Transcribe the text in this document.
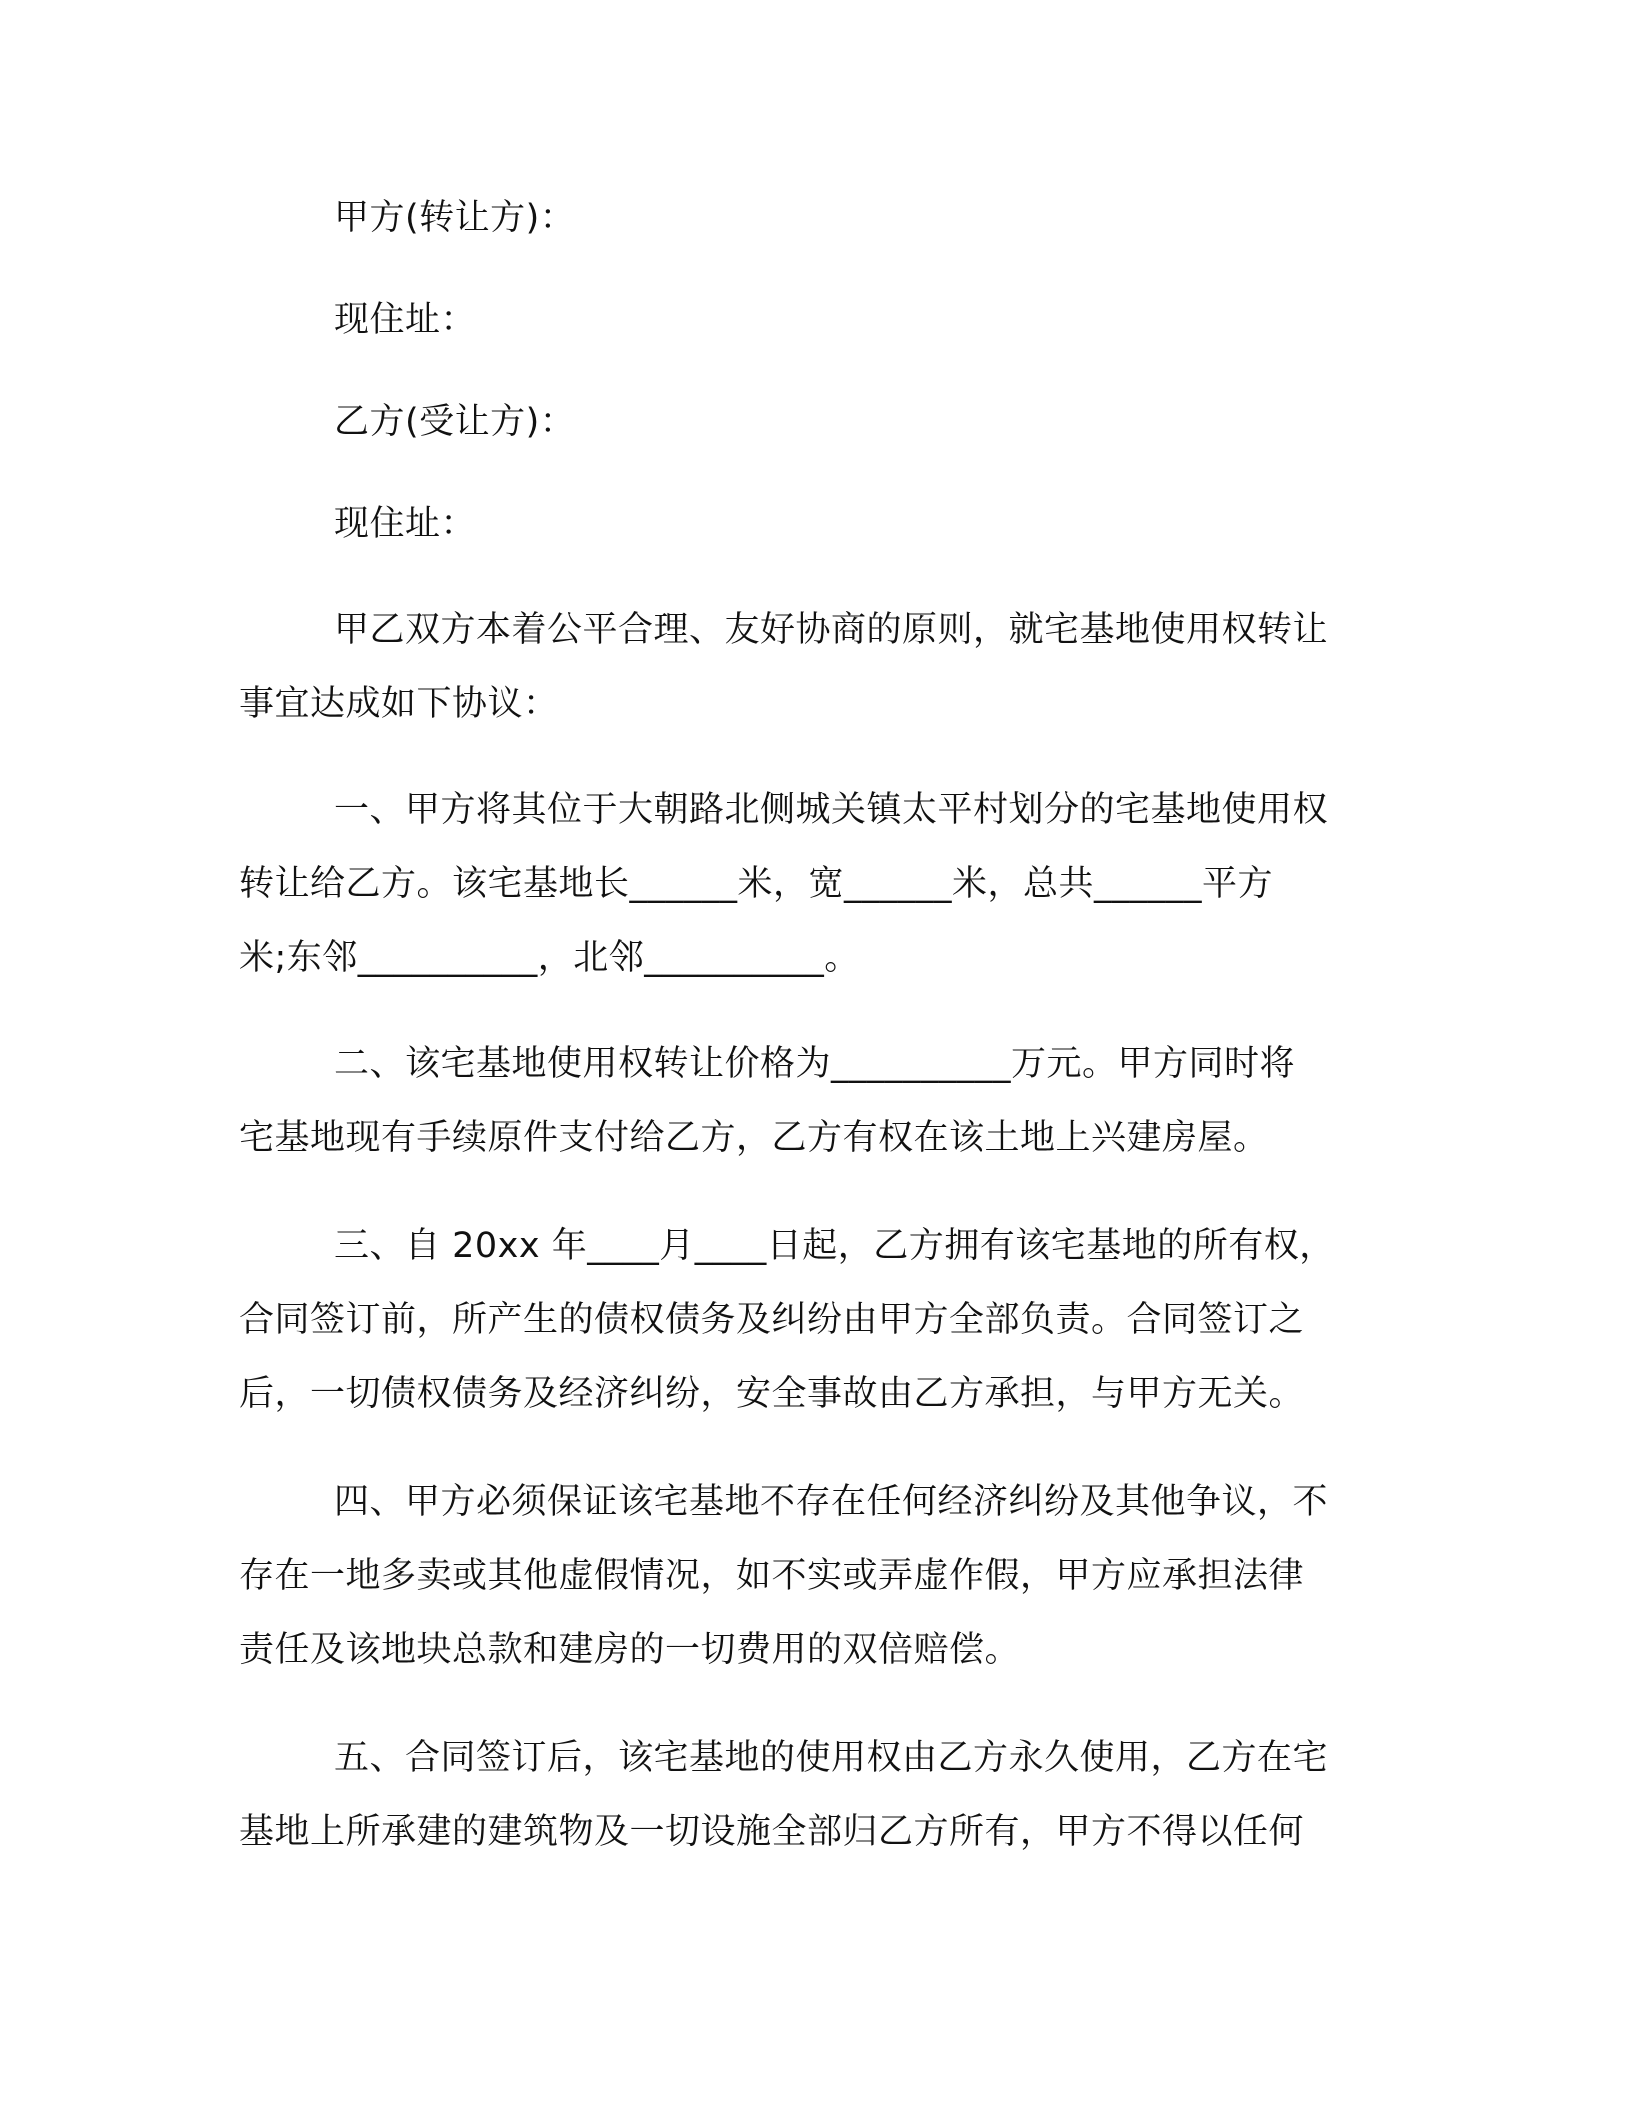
甲方(转让方)：
现住址：
乙方(受让方)：
现住址：
甲乙双方本着公平合理、友好协商的原则，就宅基地使用权转让
事宜达成如下协议：
一、甲方将其位于大朝路北侧城关镇太平村划分的宅基地使用权
转让给乙方。该宅基地长______米，宽______米，总共______平方
米;东邻__________，北邻__________。
二、该宅基地使用权转让价格为__________万元。甲方同时将
宅基地现有手续原件支付给乙方，乙方有权在该土地上兴建房屋。
三、自 20xx 年____月____日起，乙方拥有该宅基地的所有权，
合同签订前，所产生的债权债务及纠纷由甲方全部负责。合同签订之
后，一切债权债务及经济纠纷，安全事故由乙方承担，与甲方无关。
四、甲方必须保证该宅基地不存在任何经济纠纷及其他争议，不
存在一地多卖或其他虚假情况，如不实或弄虚作假，甲方应承担法律
责任及该地块总款和建房的一切费用的双倍赔偿。
五、合同签订后，该宅基地的使用权由乙方永久使用，乙方在宅
基地上所承建的建筑物及一切设施全部归乙方所有，甲方不得以任何
